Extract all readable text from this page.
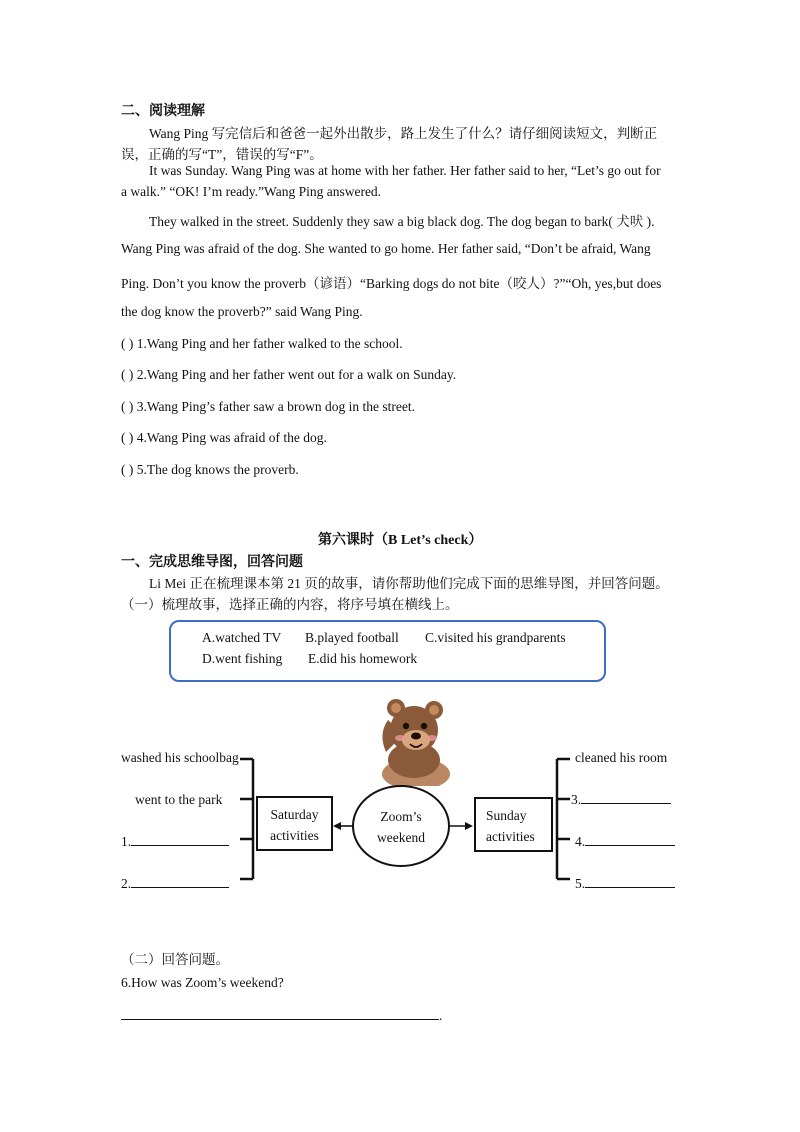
二、阅读理解
Wang Ping 写完信后和爸爸一起外出散步，路上发生了什么？请仔细阅读短文，判断正
误，正确的写“T”，错误的写“F”。
It was Sunday. Wang Ping was at home with her father. Her father said to her, “Let’s go out for
a walk.” “OK! I’m ready.”Wang Ping answered.
They walked in the street. Suddenly they saw a big black dog. The dog began to bark( 犬吠 ).
Wang Ping was afraid of the dog. She wanted to go home. Her father said, “Don’t be afraid, Wang
Ping. Don’t you know the proverb（谚语）“Barking dogs do not bite（咬人）?”“Oh, yes,but does
the dog know the proverb?” said Wang Ping.
( ) 1.Wang Ping and her father walked to the school.
( ) 2.Wang Ping and her father went out for a walk on Sunday.
( ) 3.Wang Ping’s father saw a brown dog in the street.
( ) 4.Wang Ping was afraid of the dog.
( ) 5.The dog knows the proverb.
第六课时（B Let’s check）
一、完成思维导图，回答问题
Li Mei 正在梳理课本第 21 页的故事，请你帮助他们完成下面的思维导图，并回答问题。
（一）梳理故事，选择正确的内容，将序号填在横线上。
A.watched TV B.played football C.visited his grandparents
D.went fishing E.did his homework
Saturday
activities
Sunday
activities
Zoom’s
weekend
washed his schoolbag
went to the park
1.
2.
cleaned his room
3.
4.
5.
（二）回答问题。
6.How was Zoom’s weekend?
.
